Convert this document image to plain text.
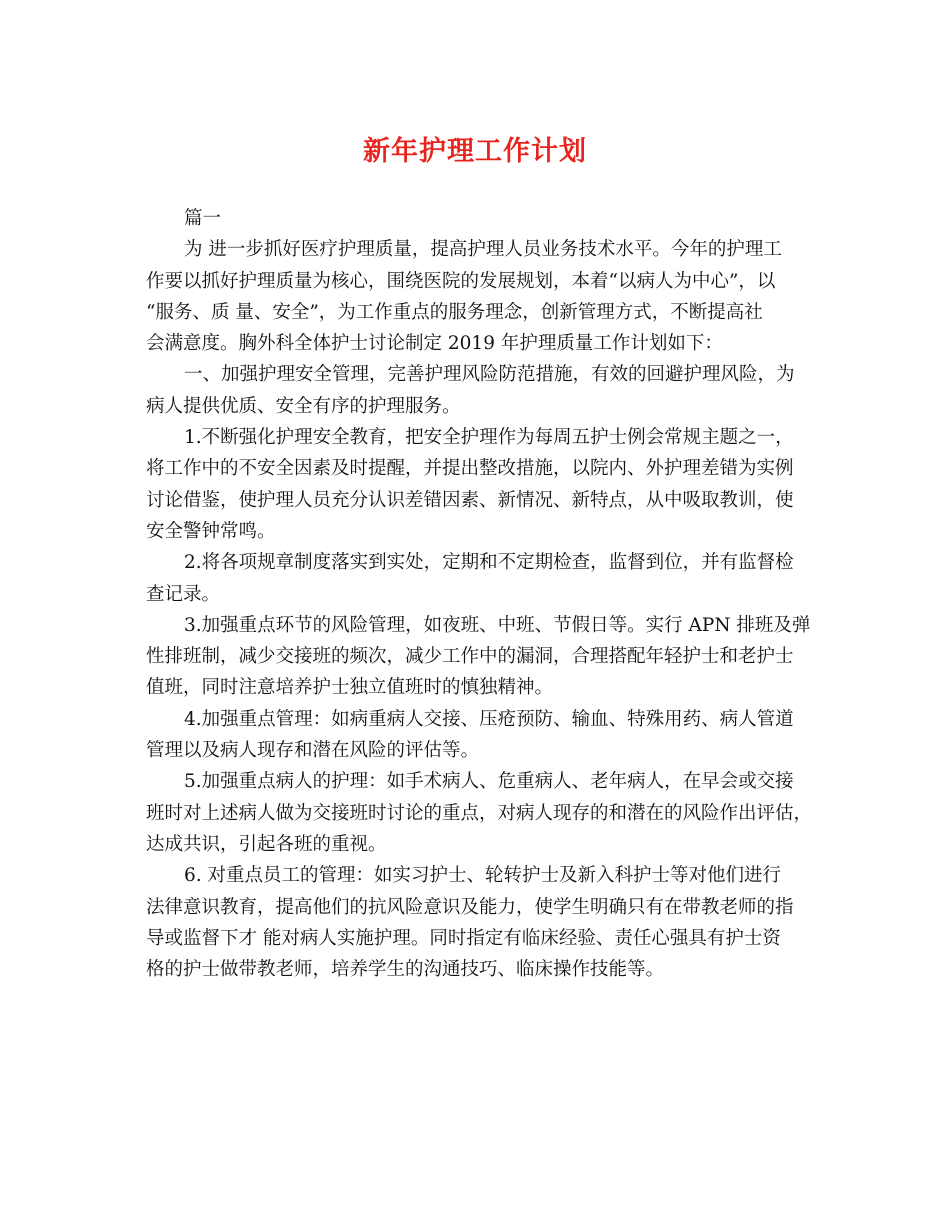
新年护理工作计划
篇一
为 进一步抓好医疗护理质量，提高护理人员业务技术水平。今年的护理工
作要以抓好护理质量为核心，围绕医院的发展规划，本着“以病人为中心”，以
“服务、质 量、安全”，为工作重点的服务理念，创新管理方式，不断提高社
会满意度。胸外科全体护士讨论制定 2019 年护理质量工作计划如下：
一、加强护理安全管理，完善护理风险防范措施，有效的回避护理风险，为
病人提供优质、安全有序的护理服务。
1.不断强化护理安全教育，把安全护理作为每周五护士例会常规主题之一，
将工作中的不安全因素及时提醒，并提出整改措施，以院内、外护理差错为实例
讨论借鉴，使护理人员充分认识差错因素、新情况、新特点，从中吸取教训，使
安全警钟常鸣。
2.将各项规章制度落实到实处，定期和不定期检查，监督到位，并有监督检
查记录。
3.加强重点环节的风险管理，如夜班、中班、节假日等。实行 APN 排班及弹
性排班制，减少交接班的频次，减少工作中的漏洞，合理搭配年轻护士和老护士
值班，同时注意培养护士独立值班时的慎独精神。
4.加强重点管理：如病重病人交接、压疮预防、输血、特殊用药、病人管道
管理以及病人现存和潜在风险的评估等。
5.加强重点病人的护理：如手术病人、危重病人、老年病人，在早会或交接
班时对上述病人做为交接班时讨论的重点，对病人现存的和潜在的风险作出评估，
达成共识，引起各班的重视。
6. 对重点员工的管理：如实习护士、轮转护士及新入科护士等对他们进行
法律意识教育，提高他们的抗风险意识及能力，使学生明确只有在带教老师的指
导或监督下才 能对病人实施护理。同时指定有临床经验、责任心强具有护士资
格的护士做带教老师，培养学生的沟通技巧、临床操作技能等。
